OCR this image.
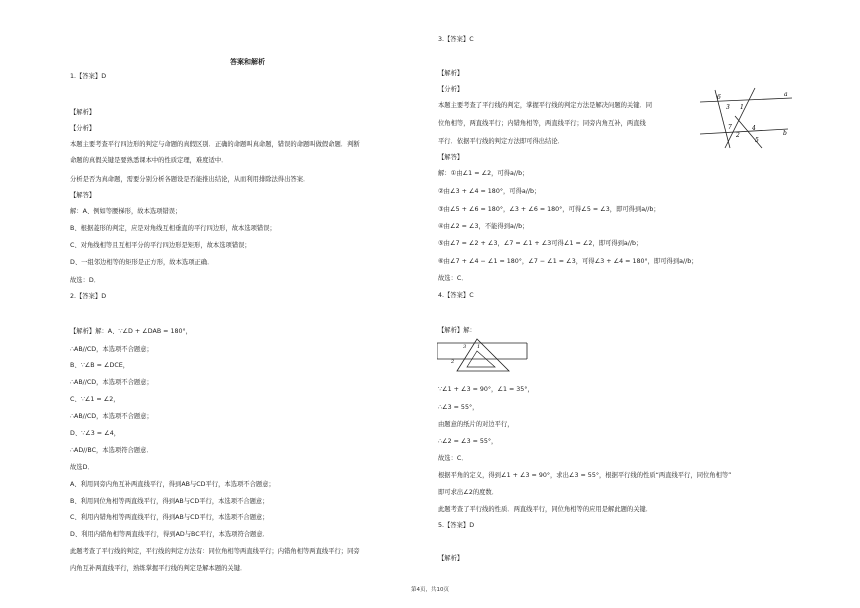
答案和解析
1.【答案】D
【解析】
【分析】
本题主要考查平行四边形的判定与命题的真假区别．正确的命题叫真命题，错误的命题叫做假命题．判断
命题的真假关键是要熟悉课本中的性质定理，难度适中．
分析是否为真命题，需要分别分析各题设是否能推出结论，从而利用排除法得出答案．
【解答】
解：A、例如等腰梯形，故本选项错误；
B、根据菱形的判定，应是对角线互相垂直的平行四边形，故本选项错误；
C、对角线相等且互相平分的平行四边形是矩形，故本选项错误；
D、一组邻边相等的矩形是正方形，故本选项正确．
故选：D．
2.【答案】D
【解析】解：A、∵∠D + ∠DAB = 180°，
∴AB//CD，本选项不合题意；
B、∵∠B = ∠DCE，
∴AB//CD，本选项不合题意；
C、∵∠1 = ∠2，
∴AB//CD，本选项不合题意；
D、∵∠3 = ∠4，
∴AD//BC，本选项符合题意．
故选D．
A、利用同旁内角互补两直线平行，得到AB与CD平行，本选项不合题意；
B、利用同位角相等两直线平行，得到AB与CD平行，本选项不合题意；
C、利用内错角相等两直线平行，得到AB与CD平行，本选项不合题意；
D、利用内错角相等两直线平行，得到AD与BC平行，本选项符合题意．
此题考查了平行线的判定，平行线的判定方法有：同位角相等两直线平行；内错角相等两直线平行；同旁
内角互补两直线平行，熟练掌握平行线的判定是解本题的关键．
3.【答案】C
【解析】
【分析】
本题主要考查了平行线的判定，掌握平行线的判定方法是解决问题的关键．同
位角相等，两直线平行；内错角相等，两直线平行；同旁内角互补，两直线
平行．依据平行线的判定方法即可得出结论．
【解答】
解：①由∠1 = ∠2，可得a//b；
②由∠3 + ∠4 = 180°，可得a//b；
③由∠5 + ∠6 = 180°，∠3 + ∠6 = 180°，可得∠5 = ∠3，即可得到a//b；
④由∠2 = ∠3，不能得到a//b；
⑤由∠7 = ∠2 + ∠3，∠7 = ∠1 + ∠3可得∠1 = ∠2，即可得到a//b；
⑥由∠7 + ∠4 − ∠1 = 180°，∠7 − ∠1 = ∠3，可得∠3 + ∠4 = 180°，即可得到a//b；
故选：C．
4.【答案】C
【解析】解：
∵∠1 + ∠3 = 90°，∠1 = 35°，
∴∠3 = 55°，
由题意的纸片的对边平行，
∴∠2 = ∠3 = 55°，
故选：C．
根据平角的定义，得到∠1 + ∠3 = 90°，求出∠3 = 55°，根据平行线的性质“两直线平行，同位角相等”
即可求出∠2的度数．
此题考查了平行线的性质．两直线平行，同位角相等的应用是解此题的关键．
5.【答案】D
【解析】
6
3 1
a
7
2
4
5
b
1
2
3
第4页，共10页
